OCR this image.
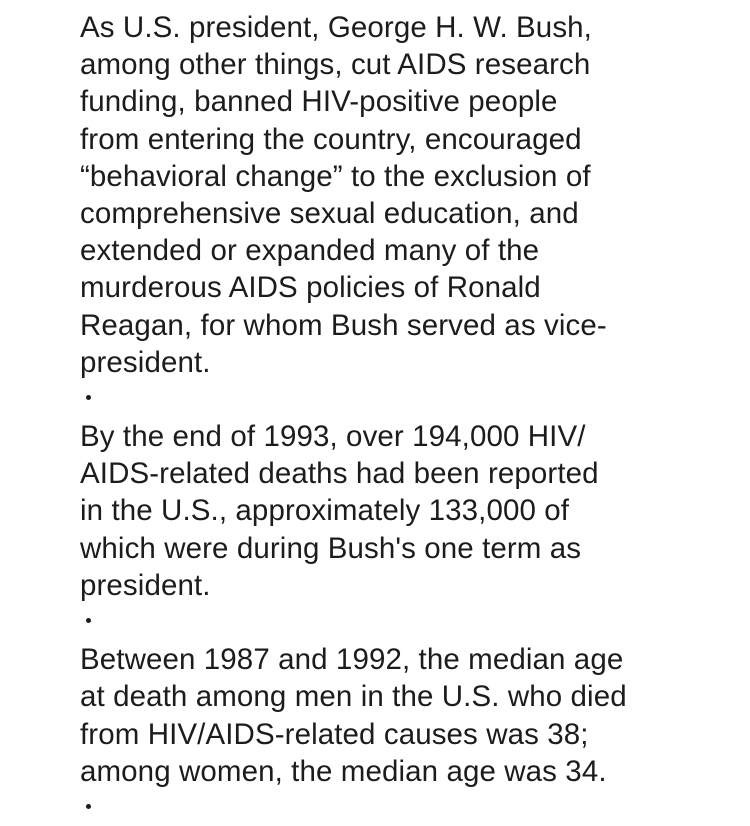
As U.S. president, George H. W. Bush,
among other things, cut AIDS research
funding, banned HIV-positive people
from entering the country, encouraged
“behavioral change” to the exclusion of
comprehensive sexual education, and
extended or expanded many of the
murderous AIDS policies of Ronald
Reagan, for whom Bush served as vice-
president.

By the end of 1993, over 194,000 HIV/
AIDS-related deaths had been reported
in the U.S., approximately 133,000 of
which were during Bush's one term as
president.

Between 1987 and 1992, the median age
at death among men in the U.S. who died
from HIV/AIDS-related causes was 38;
among women, the median age was 34.
